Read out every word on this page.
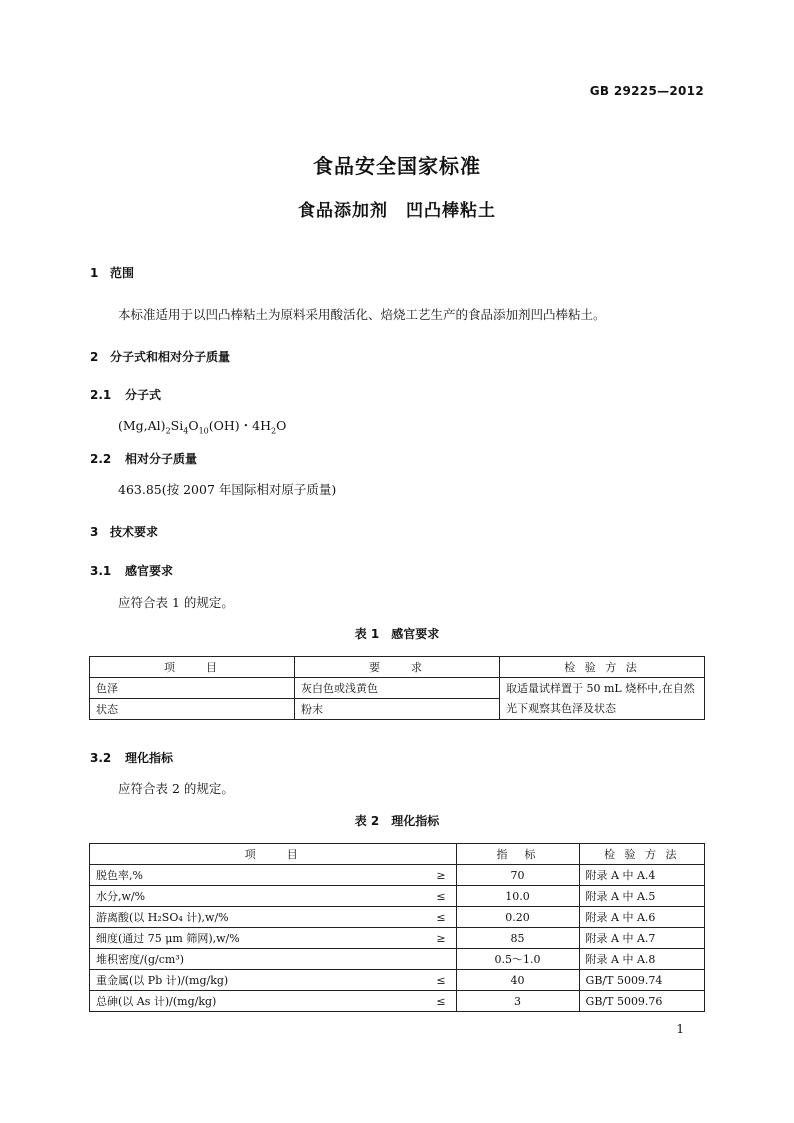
GB 29225—2012
食品安全国家标准
食品添加剂　凹凸棒粘土
1 范围
本标准适用于以凹凸棒粘土为原料采用酸活化、焙烧工艺生产的食品添加剂凹凸棒粘土。
2 分子式和相对分子质量
2.1 分子式
$(Mg,Al)_2Si_4O_{10}(OH)$・$4H_2O$
2.2 相对分子质量
463.85(按 2007 年国际相对原子质量)
3 技术要求
3.1 感官要求
应符合表 1 的规定。
表 1　感官要求
项　　目	要　　求	检 验 方 法
色泽	灰白色或浅黄色	取适量试样置于 50 mL 烧杯中,在自然光下观察其色泽及状态
状态	粉末	
3.2 理化指标
应符合表 2 的规定。
表 2　理化指标
项　　目		指　标	检 验 方 法
脱色率,%	≥	70	附录 A 中 A.4
水分,w/%	≤	10.0	附录 A 中 A.5
游离酸(以 H₂SO₄ 计),w/%	≤	0.20	附录 A 中 A.6
细度(通过 75 μm 筛网),w/%	≥	85	附录 A 中 A.7
堆积密度/(g/cm³)		0.5～1.0	附录 A 中 A.8
重金属(以 Pb 计)/(mg/kg)	≤	40	GB/T 5009.74
总砷(以 As 计)/(mg/kg)	≤	3	GB/T 5009.76
1
